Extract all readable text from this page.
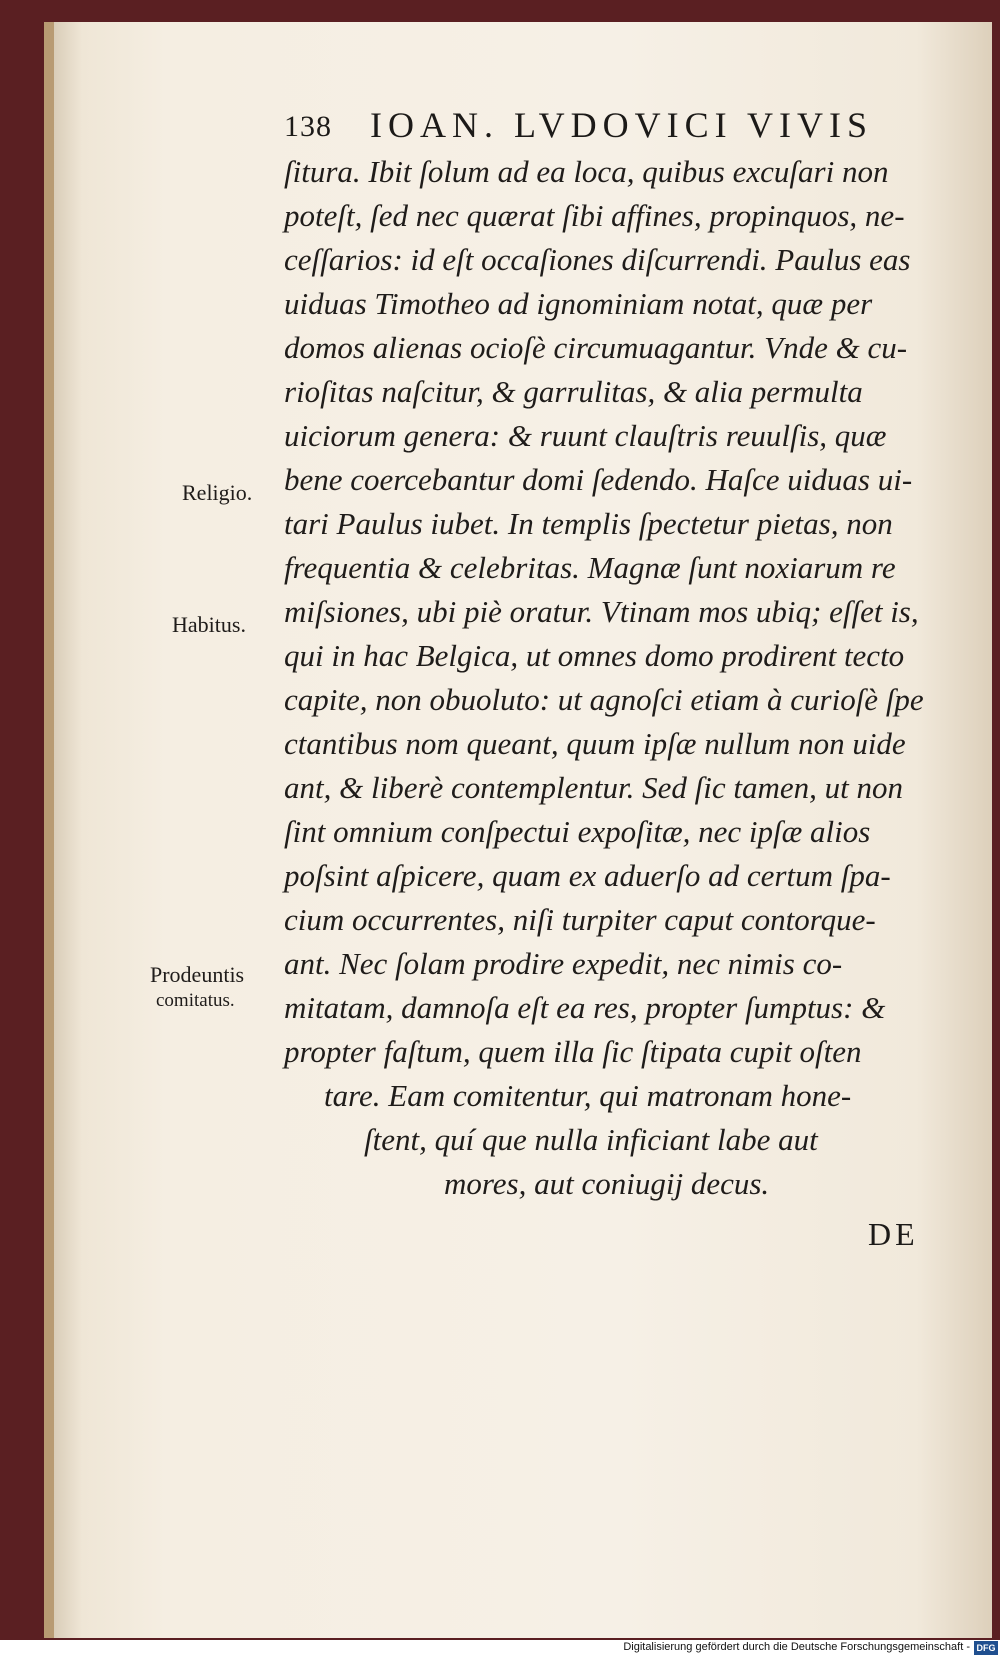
138 IOAN. LVDOVICI VIVIS
ſitura. Ibit ſolum ad ea loca, quibus excuſari non
poteſt, ſed nec quærat ſibi affines, propinquos, ne-
ceſſarios: id eſt occaſiones diſcurrendi. Paulus eas
uiduas Timotheo ad ignominiam notat, quæ per
domos alienas ocioſè circumuagantur. Vnde & cu-
rioſitas naſcitur, & garrulitas, & alia permulta
uiciorum genera: & ruunt clauſtris reuulſis, quæ
bene coercebantur domi ſedendo. Haſce uiduas ui-
tari Paulus iubet. In templis ſpectetur pietas, non
frequentia & celebritas. Magnæ ſunt noxiarum re
miſsiones, ubi piè oratur. Vtinam mos ubiq; eſſet is,
qui in hac Belgica, ut omnes domo prodirent tecto
capite, non obuoluto: ut agnoſci etiam à curioſè ſpe
ctantibus nom queant, quum ipſæ nullum non uide
ant, & liberè contemplentur. Sed ſic tamen, ut non
ſint omnium conſpectui expoſitæ, nec ipſæ alios
poſsint aſpicere, quam ex aduerſo ad certum ſpa-
cium occurrentes, niſi turpiter caput contorque-
ant. Nec ſolam prodire expedit, nec nimis co-
mitatam, damnoſa eſt ea res, propter ſumptus: &
propter faſtum, quem illa ſic ſtipata cupit oſten
tare. Eam comitentur, qui matronam hone-
ſtent, quí que nulla inficiant labe aut
mores, aut coniugij decus.
Religio.
Habitus.
Prodeuntis
comitatus.
DE
Digitalisierung gefördert durch die Deutsche Forschungsgemeinschaft - DFG
